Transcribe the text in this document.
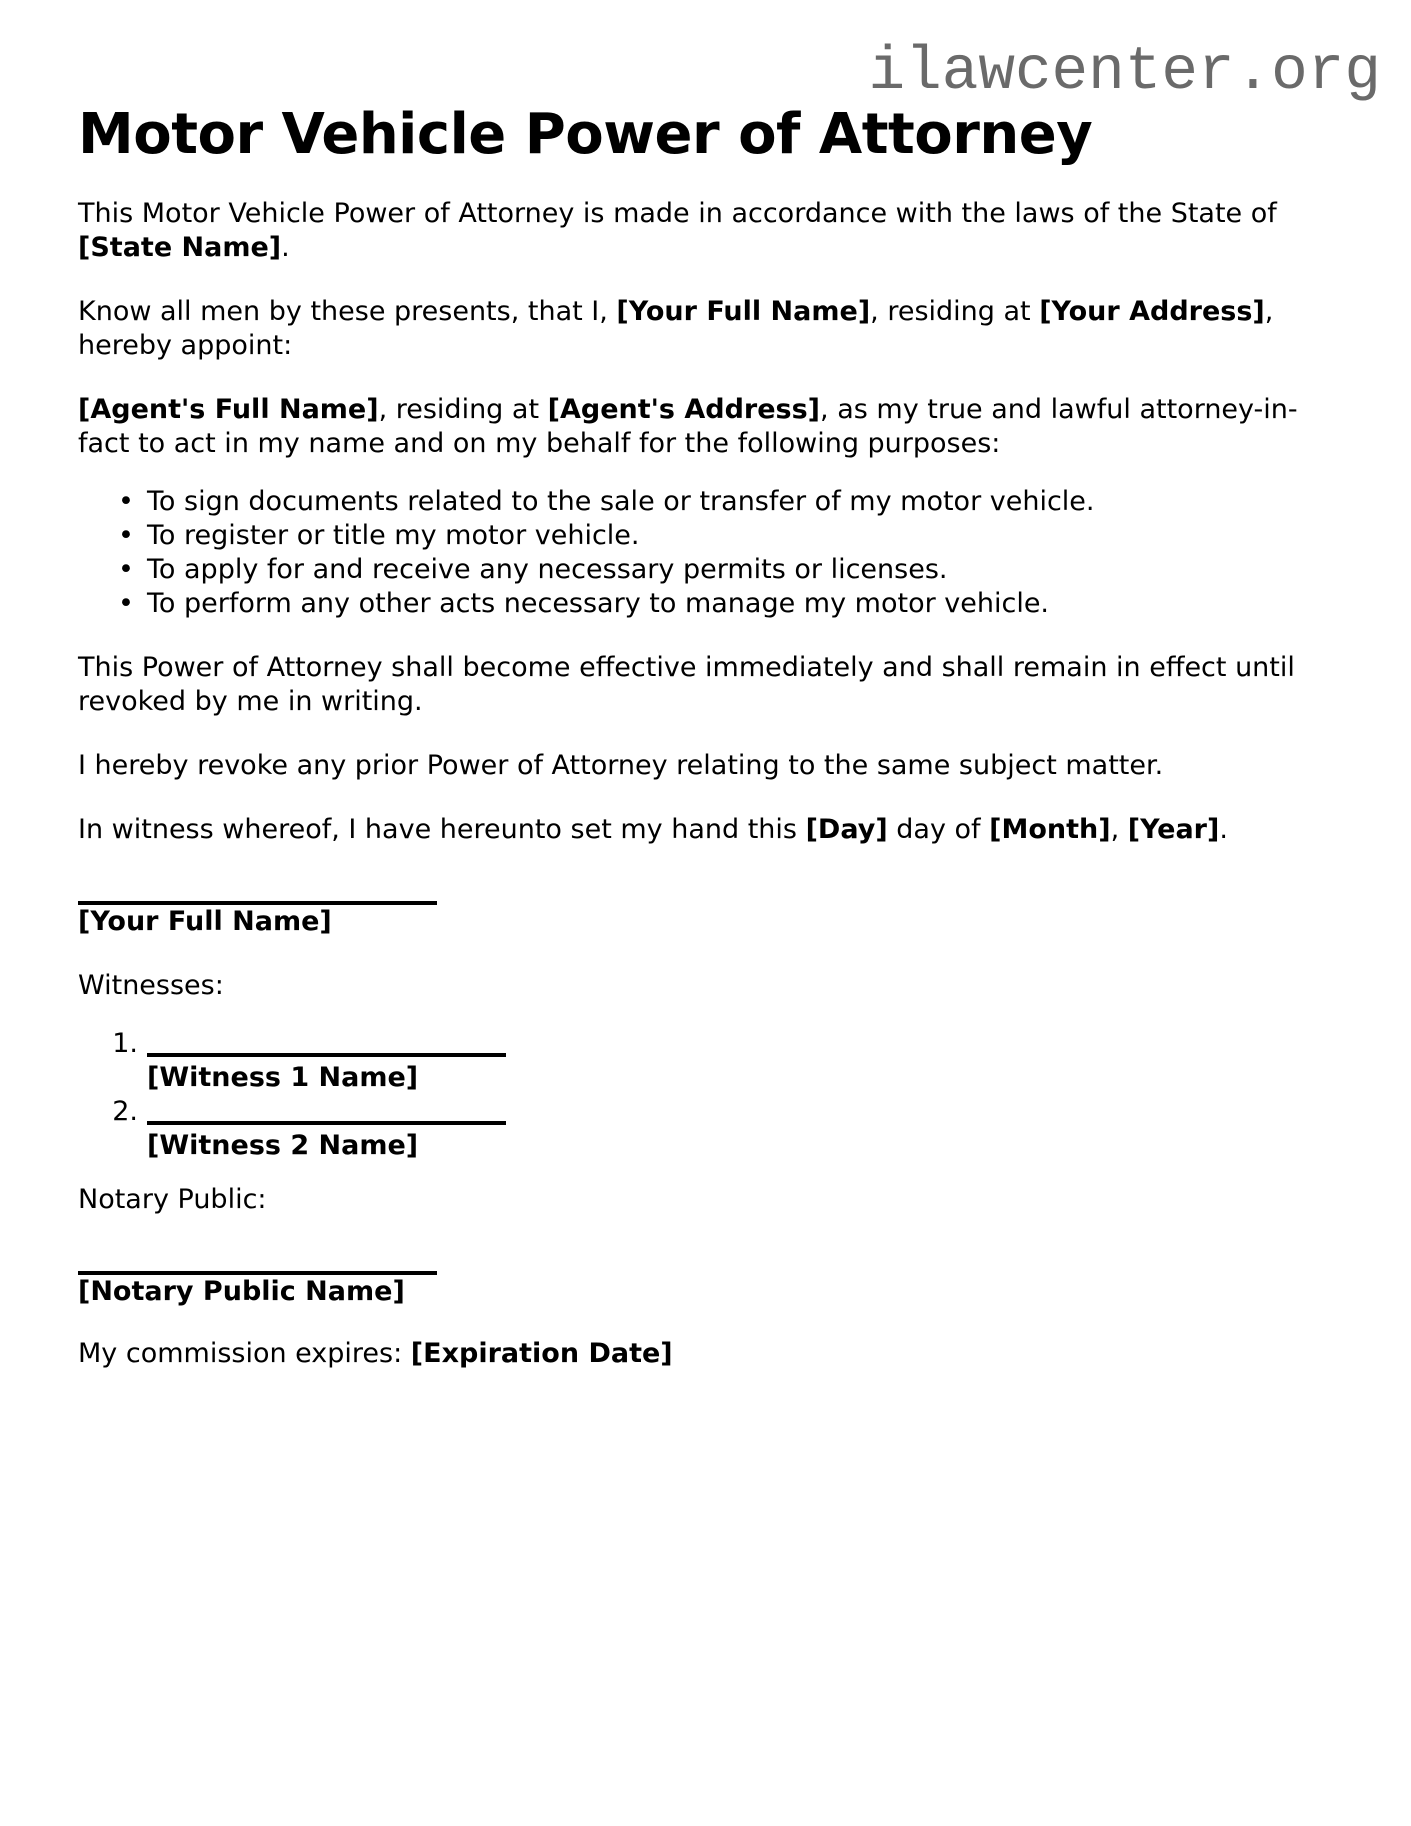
ilawcenter.org
Motor Vehicle Power of Attorney

This Motor Vehicle Power of Attorney is made in accordance with the laws of the State of
[State Name].

Know all men by these presents, that I, [Your Full Name], residing at [Your Address],
hereby appoint:

[Agent's Full Name], residing at [Agent's Address], as my true and lawful attorney-in-
fact to act in my name and on my behalf for the following purposes:

• To sign documents related to the sale or transfer of my motor vehicle.
• To register or title my motor vehicle.
• To apply for and receive any necessary permits or licenses.
• To perform any other acts necessary to manage my motor vehicle.

This Power of Attorney shall become effective immediately and shall remain in effect until
revoked by me in writing.

I hereby revoke any prior Power of Attorney relating to the same subject matter.

In witness whereof, I have hereunto set my hand this [Day] day of [Month], [Year].

[Your Full Name]

Witnesses:

1.
[Witness 1 Name]
2.
[Witness 2 Name]

Notary Public:

[Notary Public Name]

My commission expires: [Expiration Date]
